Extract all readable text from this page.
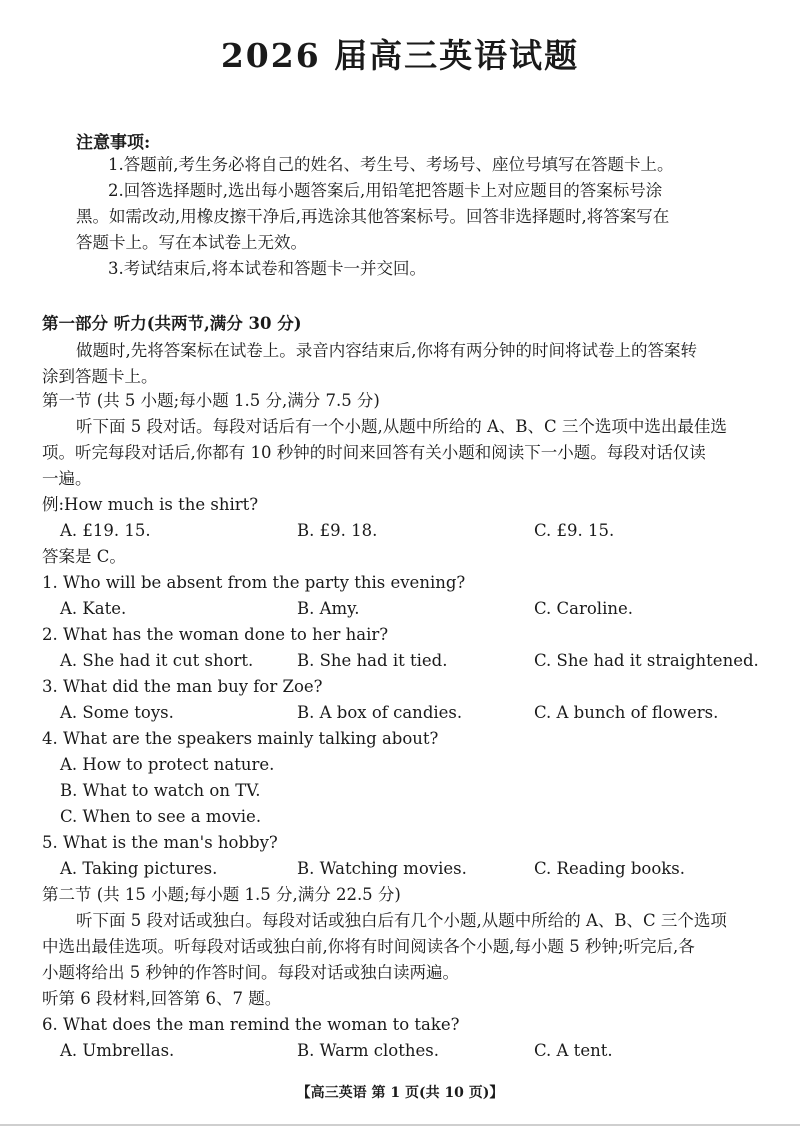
2026 届高三英语试题
注意事项:
1.答题前,考生务必将自己的姓名、考生号、考场号、座位号填写在答题卡上。
2.回答选择题时,选出每小题答案后,用铅笔把答题卡上对应题目的答案标号涂
黑。如需改动,用橡皮擦干净后,再选涂其他答案标号。回答非选择题时,将答案写在
答题卡上。写在本试卷上无效。
3.考试结束后,将本试卷和答题卡一并交回。
第一部分 听力(共两节,满分 30 分)
做题时,先将答案标在试卷上。录音内容结束后,你将有两分钟的时间将试卷上的答案转
涂到答题卡上。
第一节 (共 5 小题;每小题 1.5 分,满分 7.5 分)
听下面 5 段对话。每段对话后有一个小题,从题中所给的 A、B、C 三个选项中选出最佳选
项。听完每段对话后,你都有 10 秒钟的时间来回答有关小题和阅读下一小题。每段对话仅读
一遍。
例:How much is the shirt?
A. £19. 15.	B. £9. 18.	C. £9. 15.
答案是 C。
1. Who will be absent from the party this evening?
A. Kate.	B. Amy.	C. Caroline.
2. What has the woman done to her hair?
A. She had it cut short.	B. She had it tied.	C. She had it straightened.
3. What did the man buy for Zoe?
A. Some toys.	B. A box of candies.	C. A bunch of flowers.
4. What are the speakers mainly talking about?
A. How to protect nature.
B. What to watch on TV.
C. When to see a movie.
5. What is the man's hobby?
A. Taking pictures.	B. Watching movies.	C. Reading books.
第二节 (共 15 小题;每小题 1.5 分,满分 22.5 分)
听下面 5 段对话或独白。每段对话或独白后有几个小题,从题中所给的 A、B、C 三个选项
中选出最佳选项。听每段对话或独白前,你将有时间阅读各个小题,每小题 5 秒钟;听完后,各
小题将给出 5 秒钟的作答时间。每段对话或独白读两遍。
听第 6 段材料,回答第 6、7 题。
6. What does the man remind the woman to take?
A. Umbrellas.	B. Warm clothes.	C. A tent.
【高三英语 第 1 页(共 10 页)】
